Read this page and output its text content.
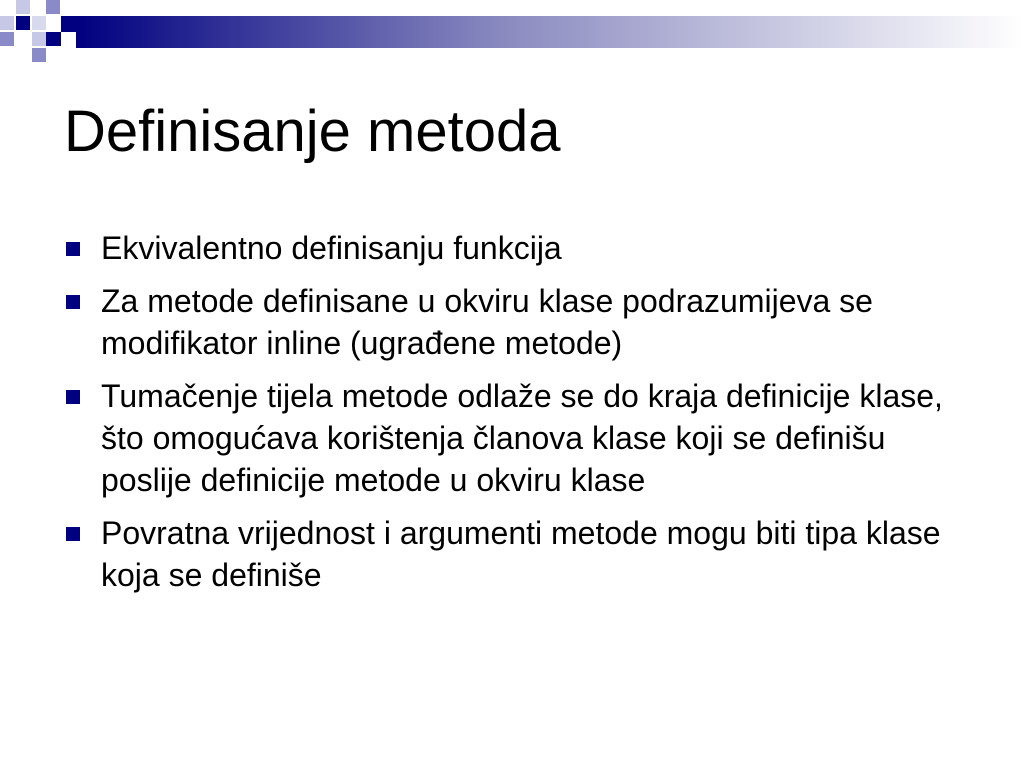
Definisanje metoda
Ekvivalentno definisanju funkcija
Za metode definisane u okviru klase podrazumijeva se modifikator inline (ugrađene metode)
Tumačenje tijela metode odlaže se do kraja definicije klase, što omogućava korištenja članova klase koji se definišu poslije definicije metode u okviru klase
Povratna vrijednost i argumenti metode mogu biti tipa klase koja se definiše
